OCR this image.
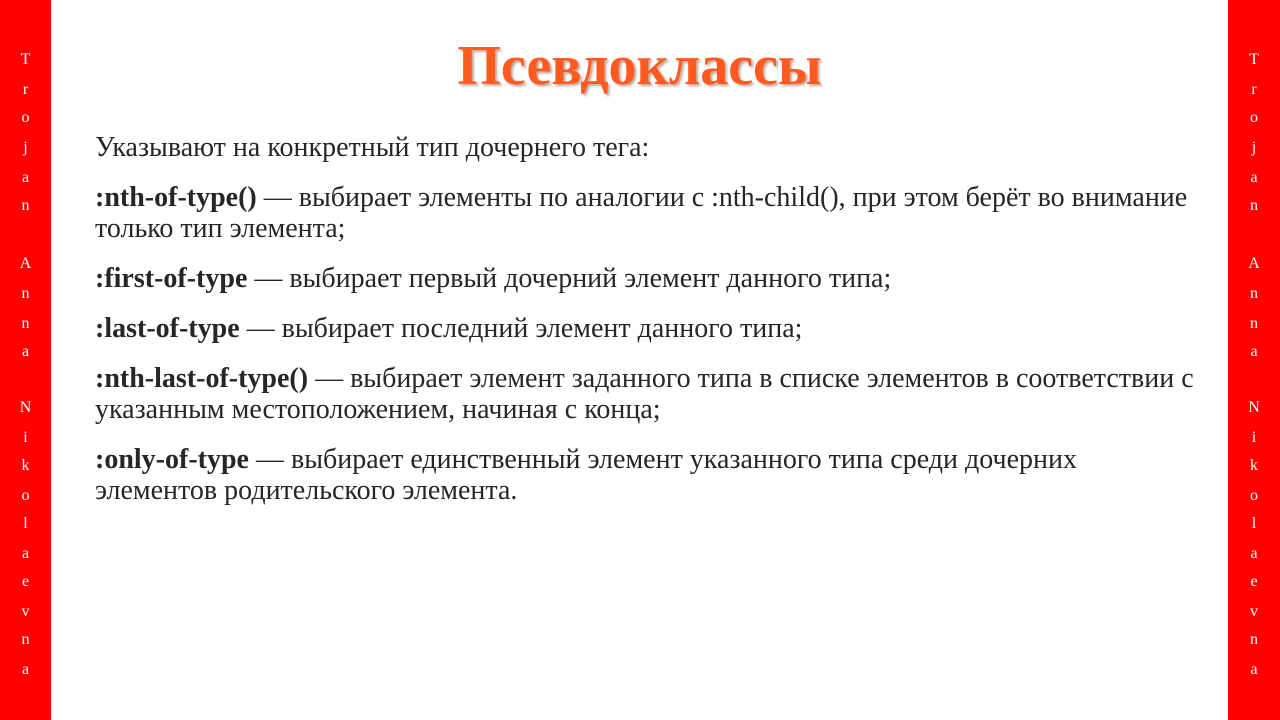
T
r
o
j
a
n
A
n
n
a
N
i
k
o
l
a
e
v
n
a
Псевдоклассы

Указывают на конкретный тип дочернего тега:

:nth-of-type() — выбирает элементы по аналогии с :nth-child(), при этом берёт во внимание только тип элемента;

:first-of-type — выбирает первый дочерний элемент данного типа;

:last-of-type — выбирает последний элемент данного типа;

:nth-last-of-type() — выбирает элемент заданного типа в списке элементов в соответствии с указанным местоположением, начиная с конца;

:only-of-type — выбирает единственный элемент указанного типа среди дочерних элементов родительского элемента.

T
r
o
j
a
n
A
n
n
a
N
i
k
o
l
a
e
v
n
a
